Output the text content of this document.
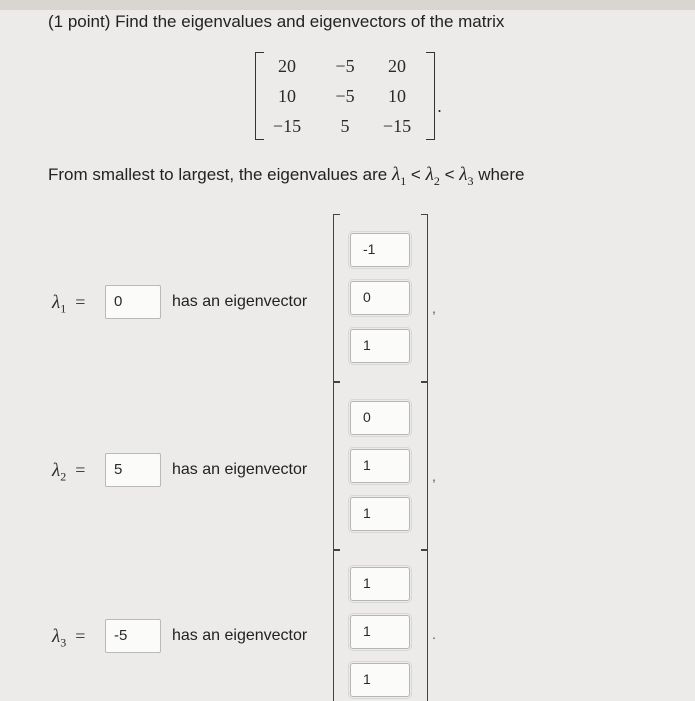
(1 point) Find the eigenvalues and eigenvectors of the matrix
20	−5	20
10	−5	10
−15	5	−15
.
From smallest to largest, the eigenvalues are $\lambda_1 < \lambda_2 < \lambda_3$ where
$\lambda_1$ =	0	has an eigenvector
-1
0
1
,
$\lambda_2$ =	5	has an eigenvector
0
1
1
,
$\lambda_3$ =	-5	has an eigenvector
1
1
1
.
